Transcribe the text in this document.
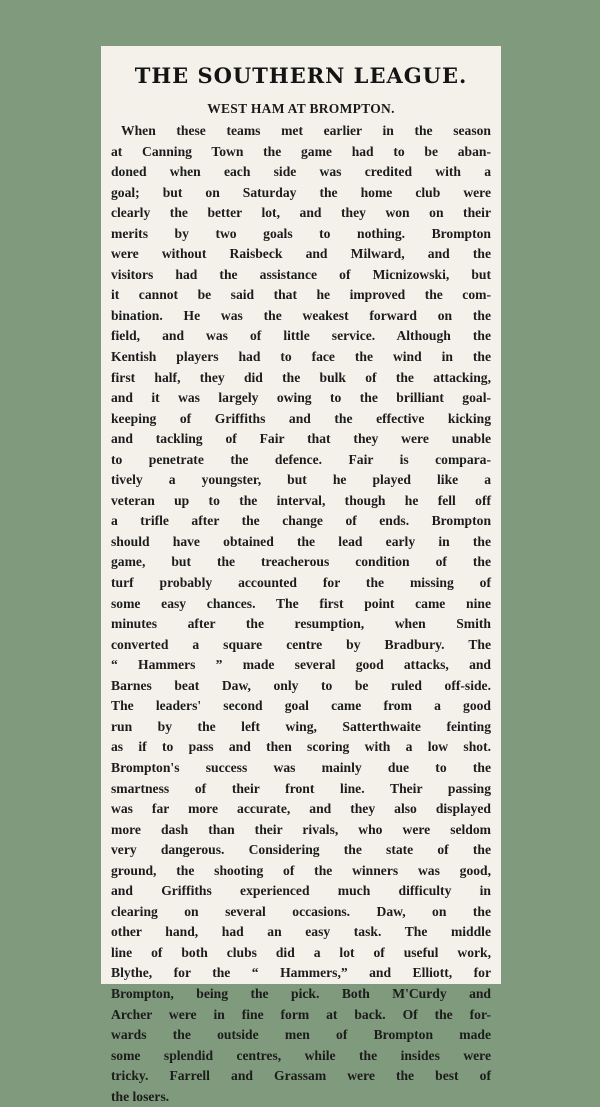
THE SOUTHERN LEAGUE.
WEST HAM AT BROMPTON.
When these teams met earlier in the season
at Canning Town the game had to be aban-
doned when each side was credited with a
goal; but on Saturday the home club were
clearly the better lot, and they won on their
merits by two goals to nothing. Brompton
were without Raisbeck and Milward, and the
visitors had the assistance of Micnizowski, but
it cannot be said that he improved the com-
bination. He was the weakest forward on the
field, and was of little service. Although the
Kentish players had to face the wind in the
first half, they did the bulk of the attacking,
and it was largely owing to the brilliant goal-
keeping of Griffiths and the effective kicking
and tackling of Fair that they were unable
to penetrate the defence. Fair is compara-
tively a youngster, but he played like a
veteran up to the interval, though he fell off
a trifle after the change of ends. Brompton
should have obtained the lead early in the
game, but the treacherous condition of the
turf probably accounted for the missing of
some easy chances. The first point came nine
minutes after the resumption, when Smith
converted a square centre by Bradbury. The
“ Hammers ” made several good attacks, and
Barnes beat Daw, only to be ruled off-side.
The leaders' second goal came from a good
run by the left wing, Satterthwaite feinting
as if to pass and then scoring with a low shot.
Brompton's success was mainly due to the
smartness of their front line. Their passing
was far more accurate, and they also displayed
more dash than their rivals, who were seldom
very dangerous. Considering the state of the
ground, the shooting of the winners was good,
and Griffiths experienced much difficulty in
clearing on several occasions. Daw, on the
other hand, had an easy task. The middle
line of both clubs did a lot of useful work,
Blythe, for the “ Hammers,” and Elliott, for
Brompton, being the pick. Both M'Curdy and
Archer were in fine form at back. Of the for-
wards the outside men of Brompton made
some splendid centres, while the insides were
tricky. Farrell and Grassam were the best of
the losers.
